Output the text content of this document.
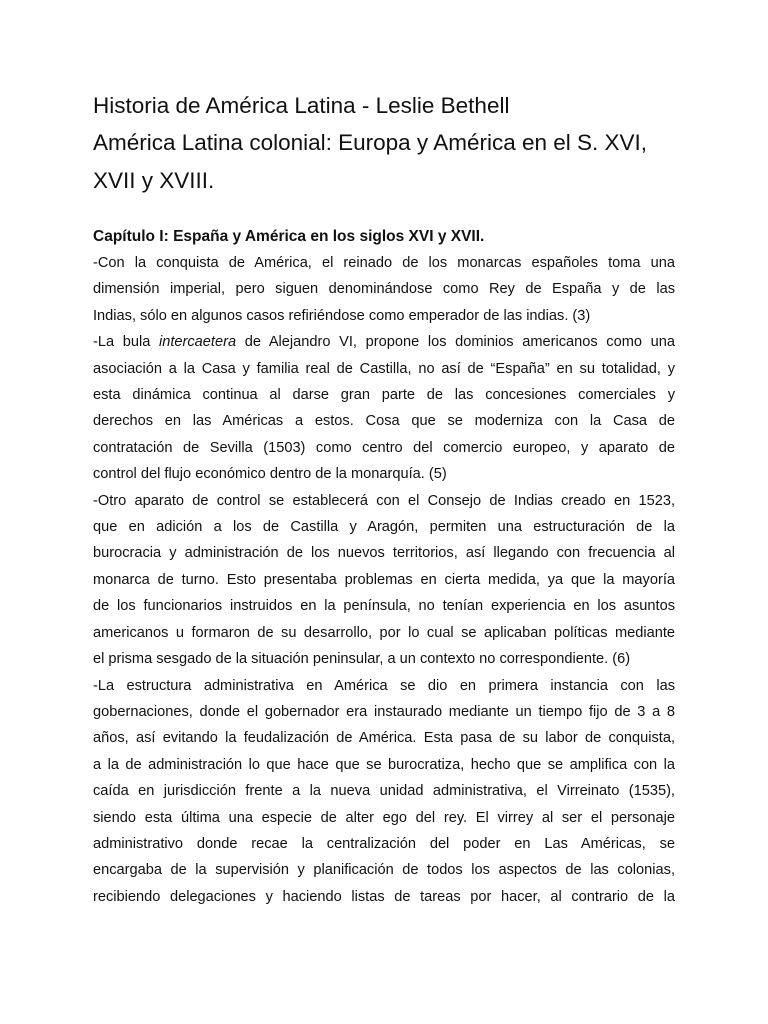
Historia de América Latina - Leslie Bethell
América Latina colonial: Europa y América en el S. XVI,
XVII y XVIII.
Capítulo I: España y América en los siglos XVI y XVII.
-Con la conquista de América, el reinado de los monarcas españoles toma una
dimensión imperial, pero siguen denominándose como Rey de España y de las
Indias, sólo en algunos casos refiriéndose como emperador de las indias. (3)
-La bula intercaetera de Alejandro VI, propone los dominios americanos como una
asociación a la Casa y familia real de Castilla, no así de “España” en su totalidad, y
esta dinámica continua al darse gran parte de las concesiones comerciales y
derechos en las Américas a estos. Cosa que se moderniza con la Casa de
contratación de Sevilla (1503) como centro del comercio europeo, y aparato de
control del flujo económico dentro de la monarquía. (5)
-Otro aparato de control se establecerá con el Consejo de Indias creado en 1523,
que en adición a los de Castilla y Aragón, permiten una estructuración de la
burocracia y administración de los nuevos territorios, así llegando con frecuencia al
monarca de turno. Esto presentaba problemas en cierta medida, ya que la mayoría
de los funcionarios instruidos en la península, no tenían experiencia en los asuntos
americanos u formaron de su desarrollo, por lo cual se aplicaban políticas mediante
el prisma sesgado de la situación peninsular, a un contexto no correspondiente. (6)
-La estructura administrativa en América se dio en primera instancia con las
gobernaciones, donde el gobernador era instaurado mediante un tiempo fijo de 3 a 8
años, así evitando la feudalización de América. Esta pasa de su labor de conquista,
a la de administración lo que hace que se burocratiza, hecho que se amplifica con la
caída en jurisdicción frente a la nueva unidad administrativa, el Virreinato (1535),
siendo esta última una especie de alter ego del rey. El virrey al ser el personaje
administrativo donde recae la centralización del poder en Las Américas, se
encargaba de la supervisión y planificación de todos los aspectos de las colonias,
recibiendo delegaciones y haciendo listas de tareas por hacer, al contrario de la
